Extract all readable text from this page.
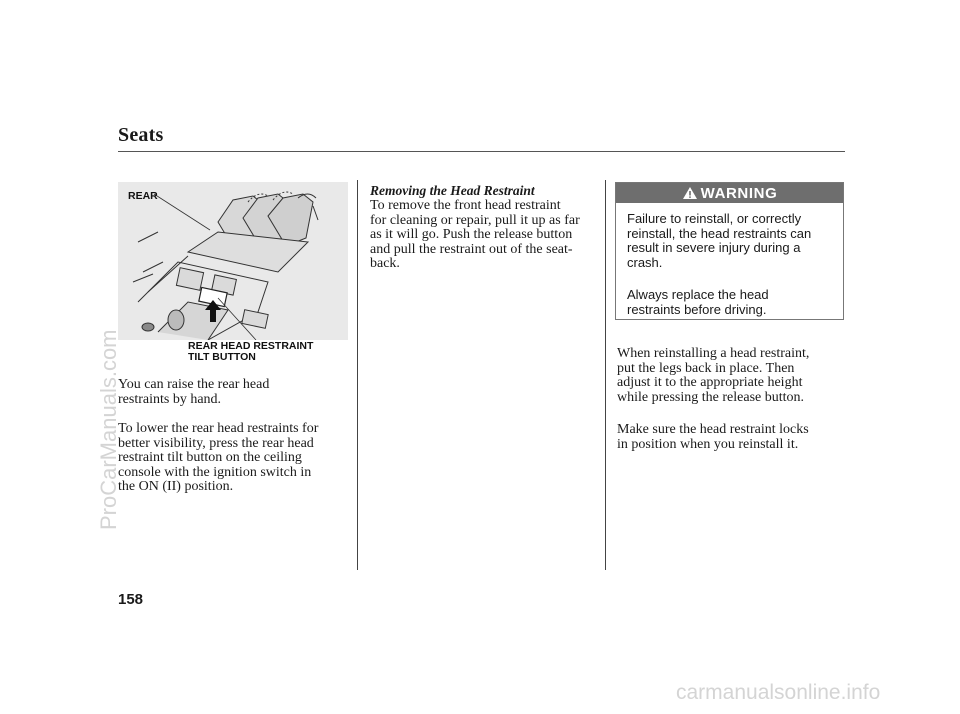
Seats
REAR
REAR HEAD RESTRAINT
TILT BUTTON
You can raise the rear head
restraints by hand.
To lower the rear head restraints for
better visibility, press the rear head
restraint tilt button on the ceiling
console with the ignition switch in
the ON (II) position.
Removing the Head Restraint
To remove the front head restraint
for cleaning or repair, pull it up as far
as it will go. Push the release button
and pull the restraint out of the seat-
back.
WARNING
Failure to reinstall, or correctly
reinstall, the head restraints can
result in severe injury during a
crash.
Always replace the head
restraints before driving.
When reinstalling a head restraint,
put the legs back in place. Then
adjust it to the appropriate height
while pressing the release button.
Make sure the head restraint locks
in position when you reinstall it.
158
ProCarManuals.com
carmanualsonline.info
